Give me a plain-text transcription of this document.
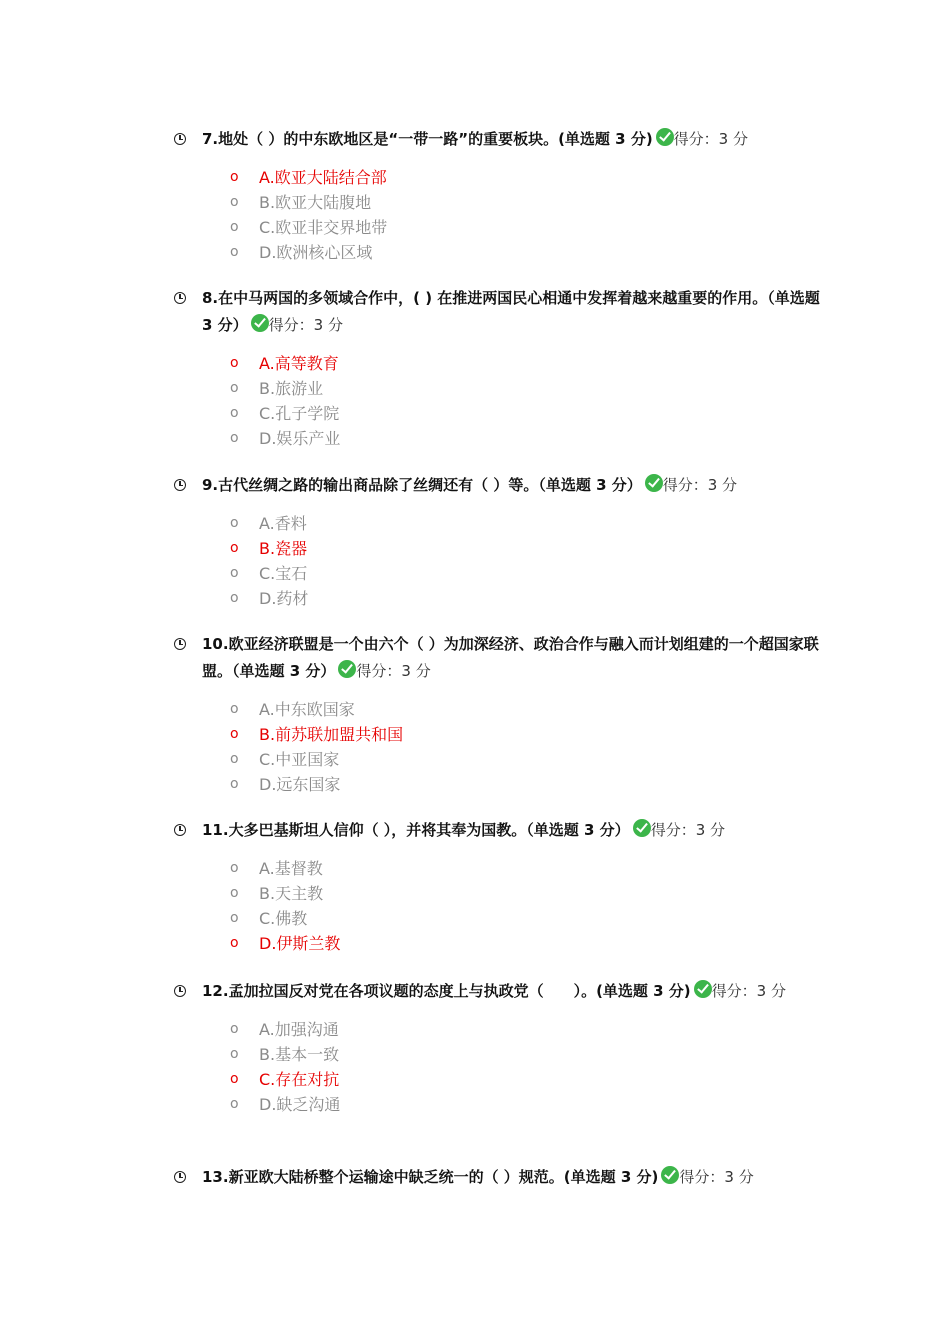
7.地处（ ）的中东欧地区是“一带一路”的重要板块。(单选题 3 分) 得分：3 分
o A.欧亚大陆结合部
o B.欧亚大陆腹地
o C.欧亚非交界地带
o D.欧洲核心区域
8.在中马两国的多领域合作中，( ) 在推进两国民心相通中发挥着越来越重要的作用。（单选题 3 分） 得分：3 分
o A.高等教育
o B.旅游业
o C.孔子学院
o D.娱乐产业
9.古代丝绸之路的输出商品除了丝绸还有（ ）等。（单选题 3 分） 得分：3 分
o A.香料
o B.瓷器
o C.宝石
o D.药材
10.欧亚经济联盟是一个由六个（ ）为加深经济、政治合作与融入而计划组建的一个超国家联盟。（单选题 3 分） 得分：3 分
o A.中东欧国家
o B.前苏联加盟共和国
o C.中亚国家
o D.远东国家
11.大多巴基斯坦人信仰（ ），并将其奉为国教。（单选题 3 分） 得分：3 分
o A.基督教
o B.天主教
o C.佛教
o D.伊斯兰教
12.孟加拉国反对党在各项议题的态度上与执政党（　　）。(单选题 3 分) 得分：3 分
o A.加强沟通
o B.基本一致
o C.存在对抗
o D.缺乏沟通
13.新亚欧大陆桥整个运输途中缺乏统一的（ ）规范。(单选题 3 分) 得分：3 分
